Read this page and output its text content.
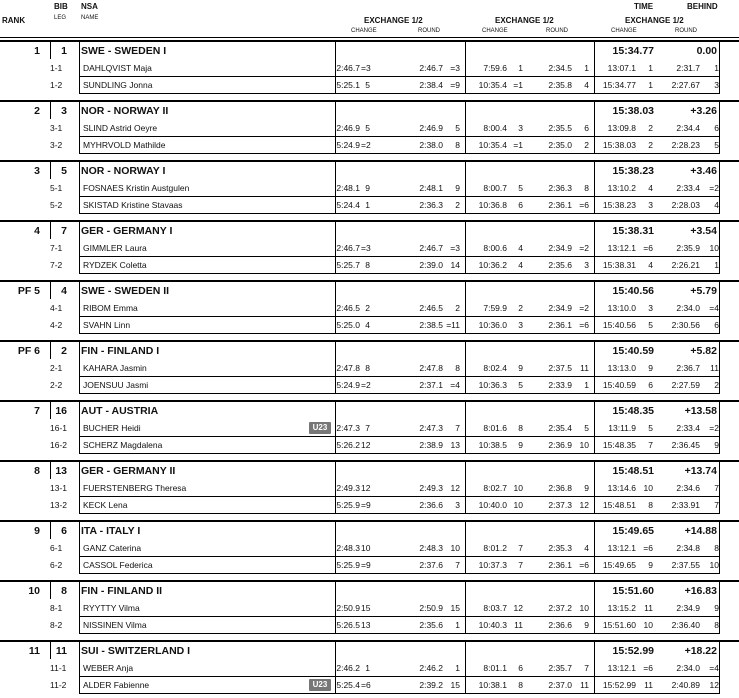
BIB NSA
LEG NAME
RANK	EXCHANGE 1/2	EXCHANGE 1/2	EXCHANGE 1/2
TIME	BEHIND
CHANGE	ROUND	CHANGE	ROUND	CHANGE	ROUND
1	1 SWE - SWEDEN I	15:34.77	0.00
1-1	DAHLQVIST Maja	2:46.7 =3	2:46.7 =3	7:59.6	1	2:34.5	1	13:07.1	1	2:31.7	1
1-2	SUNDLING Jonna	5:25.1 5	2:38.4 =9	10:35.4 =1	2:35.8	4	15:34.77	1	2:27.67	3
2	3 NOR - NORWAY II	15:38.03	+3.26
3-1	SLIND Astrid Oeyre	2:46.9 5	2:46.9	5	8:00.4	3	2:35.5	6	13:09.8	2	2:34.4	6
3-2	MYHRVOLD Mathilde	5:24.9 =2	2:38.0	8	10:35.4 =1	2:35.0	2	15:38.03	2	2:28.23	5
3	5 NOR - NORWAY I	15:38.23	+3.46
5-1	FOSNAES Kristin Austgulen	2:48.1 9	2:48.1	9	8:00.7	5	2:36.3	8	13:10.2	4	2:33.4	=2
5-2	SKISTAD Kristine Stavaas	5:24.4 1	2:36.3	2	10:36.8	6	2:36.1 =6	15:38.23	3	2:28.03	4
4	7 GER - GERMANY I	15:38.31	+3.54
7-1	GIMMLER Laura	2:46.7 =3	2:46.7 =3	8:00.6	4	2:34.9 =2	13:12.1 =6	2:35.9	10
7-2	RYDZEK Coletta	5:25.7 8	2:39.0 14	10:36.2	4	2:35.6	3	15:38.31	4	2:26.21	1
PF 5	4 SWE - SWEDEN II	15:40.56	+5.79
4-1	RIBOM Emma	2:46.5 2	2:46.5	2	7:59.9	2	2:34.9 =2	13:10.0	3	2:34.0	=4
4-2	SVAHN Linn	5:25.0 4	2:38.5 =11	10:36.0	3	2:36.1 =6	15:40.56	5	2:30.56	6
PF 6	2 FIN - FINLAND I	15:40.59	+5.82
2-1	KAHARA Jasmin	2:47.8 8	2:47.8	8	8:02.4	9	2:37.5 11	13:13.0	9	2:36.7	11
2-2	JOENSUU Jasmi	5:24.9 =2	2:37.1 =4	10:36.3	5	2:33.9	1	15:40.59	6	2:27.59	2
7	16 AUT - AUSTRIA	15:48.35	+13.58
16-1	BUCHER Heidi	2:47.3 7	2:47.3	7	8:01.6	8	2:35.4	5	13:11.9	5	2:33.4	=2
U23
16-2	SCHERZ Magdalena	5:26.2 12	2:38.9 13	10:38.5	9	2:36.9 10	15:48.35	7	2:36.45	9
8	13 GER - GERMANY II	15:48.51	+13.74
13-1	FUERSTENBERG Theresa	2:49.3 12	2:49.3 12	8:02.7 10	2:36.8	9	13:14.6 10	2:34.6	7
13-2	KECK Lena	5:25.9 =9	2:36.6	3	10:40.0 10	2:37.3 12	15:48.51	8	2:33.91	7
9	6 ITA - ITALY I	15:49.65	+14.88
6-1	GANZ Caterina	2:48.3 10	2:48.3 10	8:01.2	7	2:35.3	4	13:12.1 =6	2:34.8	8
6-2	CASSOL Federica	5:25.9 =9	2:37.6	7	10:37.3	7	2:36.1 =6	15:49.65	9	2:37.55	10
10	8 FIN - FINLAND II	15:51.60	+16.83
8-1	RYYTTY Vilma	2:50.9 15	2:50.9 15	8:03.7 12	2:37.2 10	13:15.2 11	2:34.9	9
8-2	NISSINEN Vilma	5:26.5 13	2:35.6	1	10:40.3 11	2:36.6	9	15:51.60 10	2:36.40	8
11	11 SUI - SWITZERLAND I	15:52.99	+18.22
11-1	WEBER Anja	2:46.2 1	2:46.2	1	8:01.1	6	2:35.7	7	13:12.1 =6	2:34.0	=4
11-2	ALDER Fabienne	5:25.4 =6	2:39.2 15	10:38.1	8	2:37.0 11	15:52.99 11	2:40.89	12
U23
